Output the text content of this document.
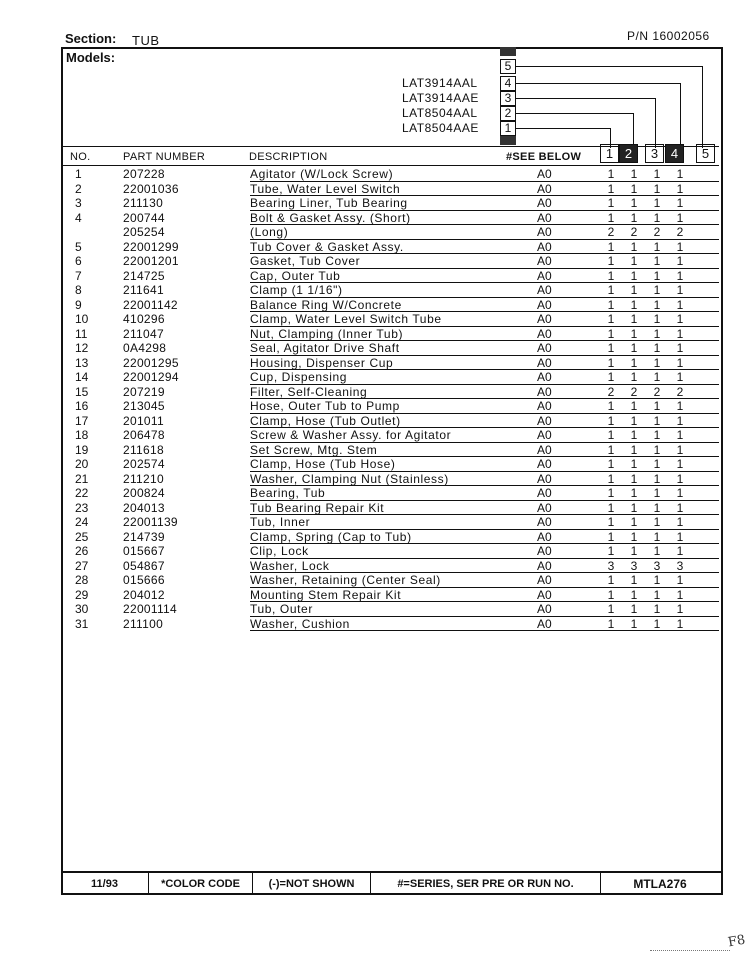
Section: TUB	P/N 16002056
Models:
5
LAT3914AAL	4
LAT3914AAE	3
LAT8504AAL	2
LAT8504AAE	1
NO.	PART NUMBER	DESCRIPTION	#SEE BELOW	1 2	3 4	5
1	207228	Agitator (W/Lock Screw)	A0	1	1	1	1
2	22001036	Tube, Water Level Switch	A0	1	1	1	1
3	211130	Bearing Liner, Tub Bearing	A0	1	1	1	1
4	200744	Bolt & Gasket Assy. (Short)	A0	1	1	1	1
205254	(Long)	A0	2	2	2	2
5	22001299	Tub Cover & Gasket Assy.	A0	1	1	1	1
6	22001201	Gasket, Tub Cover	A0	1	1	1	1
7	214725	Cap, Outer Tub	A0	1	1	1	1
8	211641	Clamp (1 1/16")	A0	1	1	1	1
9	22001142	Balance Ring W/Concrete	A0	1	1	1	1
10	410296	Clamp, Water Level Switch Tube	A0	1	1	1	1
11	211047	Nut, Clamping (Inner Tub)	A0	1	1	1	1
12	0A4298	Seal, Agitator Drive Shaft	A0	1	1	1	1
13	22001295	Housing, Dispenser Cup	A0	1	1	1	1
14	22001294	Cup, Dispensing	A0	1	1	1	1
15	207219	Filter, Self-Cleaning	A0	2	2	2	2
16	213045	Hose, Outer Tub to Pump	A0	1	1	1	1
17	201011	Clamp, Hose (Tub Outlet)	A0	1	1	1	1
18	206478	Screw & Washer Assy. for Agitator	A0	1	1	1	1
19	211618	Set Screw, Mtg. Stem	A0	1	1	1	1
20	202574	Clamp, Hose (Tub Hose)	A0	1	1	1	1
21	211210	Washer, Clamping Nut (Stainless)	A0	1	1	1	1
22	200824	Bearing, Tub	A0	1	1	1	1
23	204013	Tub Bearing Repair Kit	A0	1	1	1	1
24	22001139	Tub, Inner	A0	1	1	1	1
25	214739	Clamp, Spring (Cap to Tub)	A0	1	1	1	1
26	015667	Clip, Lock	A0	1	1	1	1
27	054867	Washer, Lock	A0	3	3	3	3
28	015666	Washer, Retaining (Center Seal)	A0	1	1	1	1
29	204012	Mounting Stem Repair Kit	A0	1	1	1	1
30	22001114	Tub, Outer	A0	1	1	1	1
31	211100	Washer, Cushion	A0	1	1	1	1
11/93	*COLOR CODE	(-)=NOT SHOWN	#=SERIES, SER PRE OR RUN NO.	MTLA276
F8
